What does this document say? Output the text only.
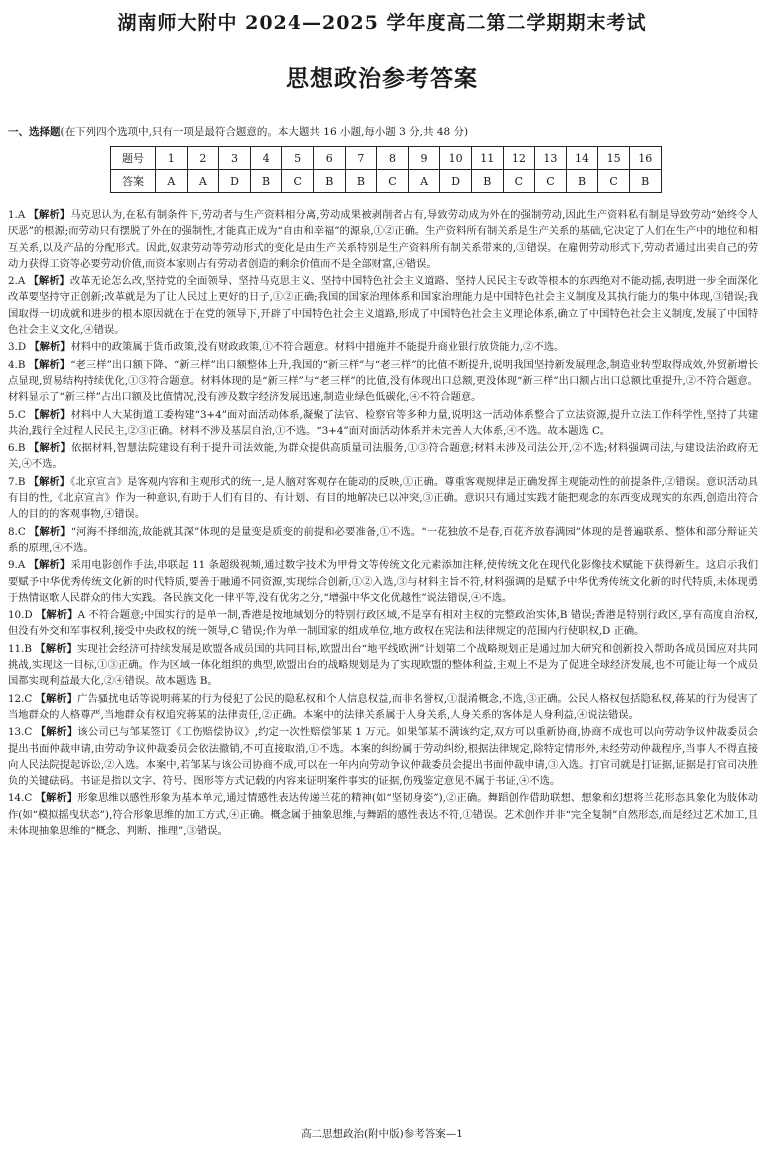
湖南师大附中 2024—2025 学年度高二第二学期期末考试
思想政治参考答案
一、选择题(在下列四个选项中,只有一项是最符合题意的。本大题共 16 小题,每小题 3 分,共 48 分)
题号	1	2	3	4	5	6	7	8	9	10	11	12	13	14	15	16
答案	A	A	D	B	C	B	B	C	A	D	B	C	C	B	C	B

1.A 【解析】马克思认为,在私有制条件下,劳动者与生产资料相分离,劳动成果被剥削者占有,导致劳动成为外在的强制劳动,因此生产资料私有制是导致劳动“始终令人厌恶”的根源;而劳动只有摆脱了外在的强制性,才能真正成为“自由和幸福”的源泉,①②正确。生产资料所有制关系是生产关系的基础,它决定了人们在生产中的地位和相互关系,以及产品的分配形式。因此,奴隶劳动等劳动形式的变化是由生产关系特别是生产资料所有制关系带来的,③错误。在雇佣劳动形式下,劳动者通过出卖自己的劳动力获得工资等必要劳动价值,而资本家则占有劳动者创造的剩余价值而不是全部财富,④错误。

2.A 【解析】改革无论怎么改,坚持党的全面领导、坚持马克思主义、坚持中国特色社会主义道路、坚持人民民主专政等根本的东西绝对不能动摇,表明进一步全面深化改革要坚持守正创新;改革就是为了让人民过上更好的日子,①②正确;我国的国家治理体系和国家治理能力是中国特色社会主义制度及其执行能力的集中体现,③错误;我国取得一切成就和进步的根本原因就在于在党的领导下,开辟了中国特色社会主义道路,形成了中国特色社会主义理论体系,确立了中国特色社会主义制度,发展了中国特色社会主义文化,④错误。

3.D 【解析】材料中的政策属于货币政策,没有财政政策,①不符合题意。材料中措施并不能提升商业银行放贷能力,②不选。

4.B 【解析】“老三样”出口额下降、“新三样”出口额整体上升,我国的“新三样”与“老三样”的比值不断提升,说明我国坚持新发展理念,制造业转型取得成效,外贸新增长点显现,贸易结构持续优化,①③符合题意。材料体现的是“新三样”与“老三样”的比值,没有体现出口总额,更没体现“新三样”出口额占出口总额比重提升,②不符合题意。材料显示了“新三样”占出口额及比值情况,没有涉及数字经济发展迅速,制造业绿色低碳化,④不符合题意。

5.C 【解析】材料中人大某街道工委构建“3+4”面对面活动体系,凝聚了法官、检察官等多种力量,说明这一活动体系整合了立法资源,提升立法工作科学性,坚持了共建共治,践行全过程人民民主,②③正确。材料不涉及基层自治,①不选。“3+4”面对面活动体系并未完善人大体系,④不选。故本题选 C。

6.B 【解析】依据材料,智慧法院建设有利于提升司法效能,为群众提供高质量司法服务,①③符合题意;材料未涉及司法公开,②不选;材料强调司法,与建设法治政府无关,④不选。

7.B 【解析】《北京宣言》是客观内容和主观形式的统一,是人脑对客观存在能动的反映,①正确。尊重客观规律是正确发挥主观能动性的前提条件,②错误。意识活动具有目的性,《北京宣言》作为一种意识,有助于人们有目的、有计划、有目的地解决已以冲突,③正确。意识只有通过实践才能把观念的东西变成现实的东西,创造出符合人的目的的客观事物,④错误。

8.C 【解析】“河海不择细流,故能就其深”体现的是量变是质变的前提和必要准备,①不选。“一花独放不是春,百花齐放春满园”体现的是普遍联系、整体和部分辩证关系的原理,④不选。

9.A 【解析】采用电影创作手法,串联起 11 条超级视频,通过数字技术为甲骨文等传统文化元素添加注释,使传统文化在现代化影像技术赋能下获得新生。这启示我们要赋予中华优秀传统文化新的时代特质,要善于融通不同资源,实现综合创新,①②入选,③与材料主旨不符,材料强调的是赋予中华优秀传统文化新的时代特质,未体现勇于热情讴歌人民群众的伟大实践。各民族文化一律平等,没有优劣之分,“增强中华文化优越性”说法错误,④不选。

10.D 【解析】A 不符合题意;中国实行的是单一制,香港是按地域划分的特别行政区域,不是享有相对主权的完整政治实体,B 错误;香港是特别行政区,享有高度自治权,但没有外交和军事权利,接受中央政权的统一领导,C 错误;作为单一制国家的组成单位,地方政权在宪法和法律规定的范围内行使职权,D 正确。

11.B 【解析】实现社会经济可持续发展是欧盟各成员国的共同目标,欧盟出台“地平线欧洲”计划第二个战略规划正是通过加大研究和创新投入帮助各成员国应对共同挑战,实现这一目标,①③正确。作为区域一体化组织的典型,欧盟出台的战略规划是为了实现欧盟的整体利益,主观上不是为了促进全球经济发展,也不可能让每一个成员国都实现利益最大化,②④错误。故本题选 B。

12.C 【解析】广告骚扰电话等说明蒋某的行为侵犯了公民的隐私权和个人信息权益,而非名誉权,①混淆概念,不选,③正确。公民人格权包括隐私权,蒋某的行为侵害了当地群众的人格尊严,当地群众有权追究蒋某的法律责任,②正确。本案中的法律关系属于人身关系,人身关系的客体是人身利益,④说法错误。

13.C 【解析】该公司已与邹某签订《工伤赔偿协议》,约定一次性赔偿邹某 1 万元。如果邹某不满该约定,双方可以重新协商,协商不成也可以向劳动争议仲裁委员会提出书面仲裁申请,由劳动争议仲裁委员会依法撤销,不可直接取消,①不选。本案的纠纷属于劳动纠纷,根据法律规定,除特定情形外,未经劳动仲裁程序,当事人不得直接向人民法院提起诉讼,②入选。本案中,若邹某与该公司协商不成,可以在一年内向劳动争议仲裁委员会提出书面仲裁申请,③入选。打官司就是打证据,证据是打官司决胜负的关键砝码。书证是指以文字、符号、图形等方式记载的内容来证明案件事实的证据,伤残鉴定意见不属于书证,④不选。

14.C 【解析】形象思维以感性形象为基本单元,通过情感性表达传递兰花的精神(如“坚韧身姿”),②正确。舞蹈创作借助联想、想象和幻想将兰花形态具象化为肢体动作(如“模拟摇曳状态”),符合形象思维的加工方式,④正确。概念属于抽象思维,与舞蹈的感性表达不符,①错误。艺术创作并非“完全复制”自然形态,而是经过艺术加工,且未体现抽象思维的“概念、判断、推理”,③错误。

高二思想政治(附中版)参考答案—1
